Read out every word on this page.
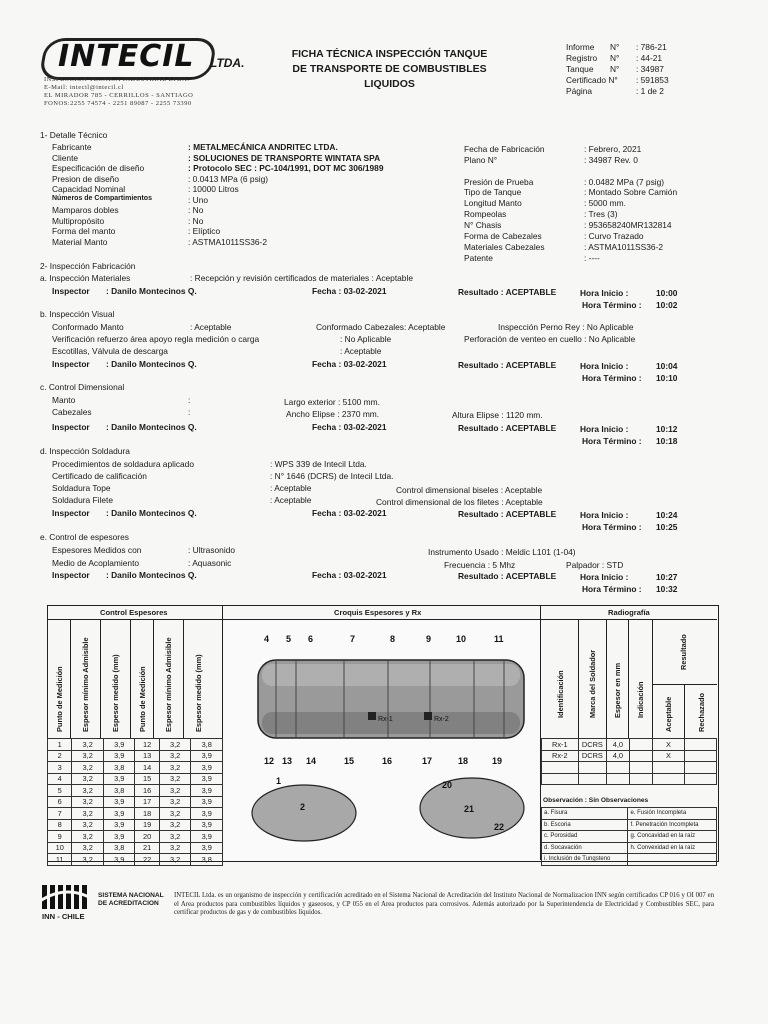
INTECIL LTDA.
INSPECCION TECNICA INDUSTRIAL LTDA.
E-Mail: intecil@intecil.cl
EL MIRADOR 785 - CERRILLOS - SANTIAGO
FONOS:2255 74574 - 2251 89087 - 2255 73390
FICHA TÉCNICA INSPECCIÓN TANQUE
DE TRANSPORTE DE COMBUSTIBLES
LIQUIDOS
Informe N° : 786-21
Registro N° : 44-21
Tanque N° : 34987
Certificado N° : 591853
Página	: 1 de 2
1- Detalle Técnico
Fabricante	: METALMECÁNICA ANDRITEC LTDA.
Cliente	: SOLUCIONES DE TRANSPORTE WINTATA SPA
Especificación de diseño	: Protocolo SEC : PC-104/1991, DOT MC 306/1989
Presion de diseño	: 0.0413 MPa (6 psig)
Capacidad Nominal	: 10000 Litros
Números de Compartimientos	: Uno
Mamparos dobles	: No
Multipropósito	: No
Forma del manto	: Elíptico
Material Manto	: ASTMA1011SS36-2
Fecha de Fabricación	: Febrero, 2021
Plano N°	: 34987 Rev. 0
Presión de Prueba	: 0.0482 MPa (7 psig)
Tipo de Tanque	: Montado Sobre Camión
Longitud Manto	: 5000 mm.
Rompeolas	: Tres (3)
N° Chasis	: 953658240MR132814
Forma de Cabezales	: Curvo Trazado
Materiales Cabezales	: ASTMA1011SS36-2
Patente	: ----
2- Inspección Fabricación
a. Inspección Materiales	: Recepción y revisión certificados de materiales : Aceptable
b. Inspección Visual
Conformado Manto	: Aceptable	Conformado Cabezales: Aceptable	Inspección Perno Rey : No Aplicable
Verificación refuerzo área apoyo regla medición o carga	: No Aplicable	Perforación de venteo en cuello : No Aplicable
Escotillas, Válvula de descarga	: Aceptable
c. Control Dimensional
Manto	:	Largo exterior : 5100 mm.
Cabezales	:	Ancho Elipse : 2370 mm.	Altura Elipse : 1120 mm.
d. Inspección Soldadura
Procedimientos de soldadura aplicado	: WPS 339 de Intecil Ltda.
Certificado de calificación	: N° 1646 (DCRS) de Intecil Ltda.
Soldadura Tope	: Aceptable	Control dimensional biseles : Aceptable
Soldadura Filete	: Aceptable	Control dimensional de los filetes : Aceptable
e. Control de espesores
Espesores Medidos con	: Ultrasonido	Instrumento Usado : Meldic L101 (1-04)
Medio de Acoplamiento	: Aquasonic	Frecuencia : 5 Mhz	Palpador : STD
Inspector : Danilo Montecinos Q.	Fecha : 03-02-2021	Resultado : ACEPTABLE	Hora Inicio :	10:00
Hora Término : 10:02
Inspector : Danilo Montecinos Q.	Fecha : 03-02-2021	Resultado : ACEPTABLE	Hora Inicio :	10:04
Hora Término : 10:10
Inspector : Danilo Montecinos Q.	Fecha : 03-02-2021	Resultado : ACEPTABLE	Hora Inicio :	10:12
Hora Término : 10:18
Inspector : Danilo Montecinos Q.	Fecha : 03-02-2021	Resultado : ACEPTABLE	Hora Inicio :	10:24
Hora Término : 10:25
Inspector : Danilo Montecinos Q.	Fecha : 03-02-2021	Resultado : ACEPTABLE	Hora Inicio :	10:27
Hora Término : 10:32
Control Espesores	Croquis Espesores y Rx	Radiografía
Punto de Medición Espesor mínimo Admisible	Espesor medido (mm) Punto de Medición Espesor mínimo Admisible	Espesor medido (mm)
1	3,2	3,9	12	3,2	3,8
2	3,2	3,9	13	3,2	3,9
3	3,2	3,8	14	3,2	3,9
4	3,2	3,9	15	3,2	3,9
5	3,2	3,8	16	3,2	3,9
6	3,2	3,9	17	3,2	3,9
7	3,2	3,9	18	3,2	3,9
8	3,2	3,9	19	3,2	3,9
9	3,2	3,9	20	3,2	3,9
10	3,2	3,8	21	3,2	3,9
11	3,2	3,9	22	3,2	3,8
Rx-1	Rx-2
4 5 6	7	8	9	10	11
12 13 14	15	16	17	18	19
1
2
20
21
22
Identificación	Marca del Soldador Espesor en mm Indicación
Resultado
Aceptable	Rechazado
Rx-1	DCRS	4,0		X	
Rx-2	DCRS	4,0		X	

Observación : Sin Observaciones
a. Fisura	e. Fusión Incompleta
b. Escoria	f. Penetración Incompleta
c. Porosidad	g. Concavidad en la raíz
d. Socavación	h. Convexidad en la raíz
i. Inclusión de Tungsteno	
SISTEMA NACIONAL
DE ACREDITACION
INN - CHILE
INTECIL Ltda. es un organismo de inspección y certificación acreditado en el Sistema Nacional de Acreditación del Instituto Nacional de Normalizacion INN según certificados CP 016 y OI 007 en el Area productos para combustibles líquidos y gaseosos, y CP 055 en el Area productos para corrosivos. Además autorizado por la Superintendencia de Electricidad y Combustibles SEC, para certificar productos de gas y de combustibles líquidos.
